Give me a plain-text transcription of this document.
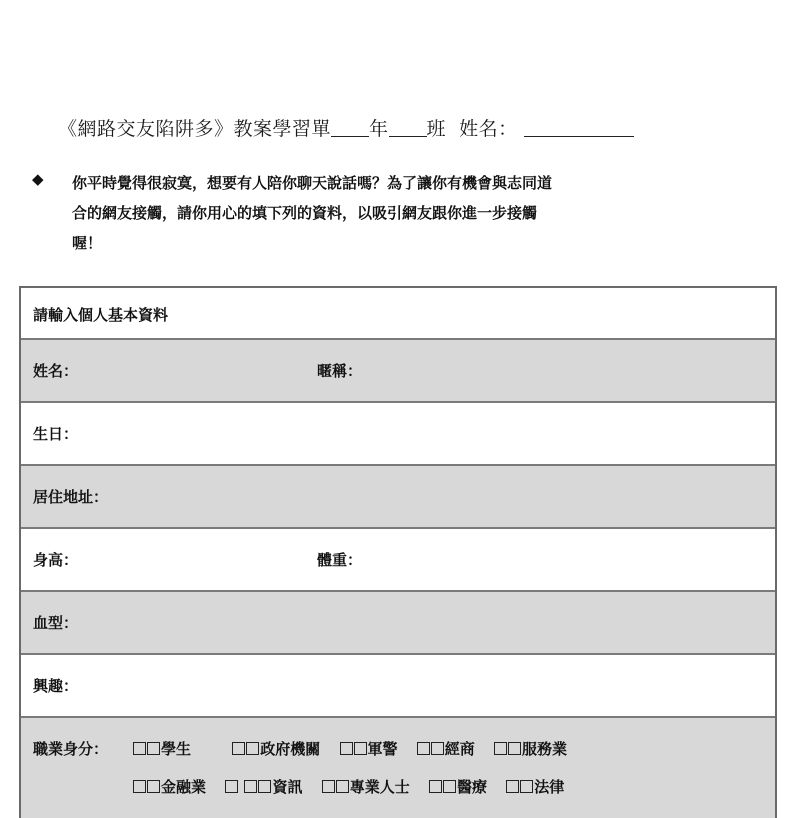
《網路交友陷阱多》教案學習單 年 班 姓名：
◆ 你平時覺得很寂寞，想要有人陪你聊天說話嗎？為了讓你有機會與志同道
合的網友接觸，請你用心的填下列的資料，以吸引網友跟你進一步接觸
喔！
請輸入個人基本資料
姓名：	暱稱：
生日：
居住地址：
身高：	體重：
血型：
興趣：
職業身分：	學生	政府機關	軍警	經商	服務業
金融業	資訊	專業人士	醫療	法律
